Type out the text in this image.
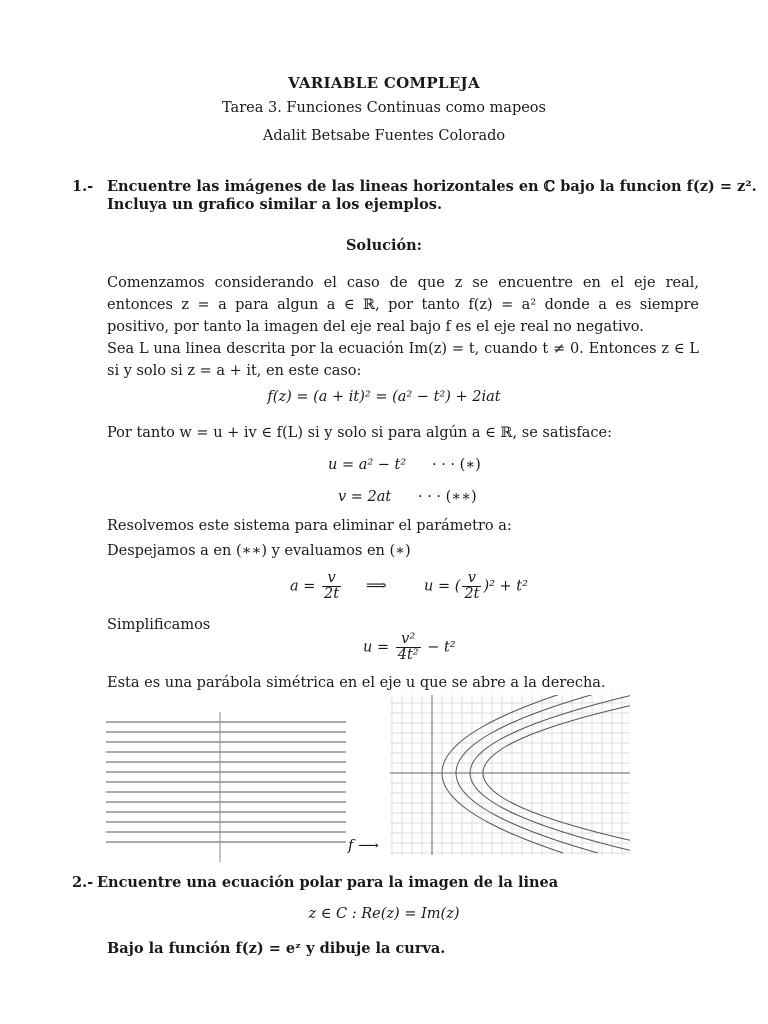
VARIABLE COMPLEJA
Tarea 3. Funciones Continuas como mapeos
Adalit Betsabe Fuentes Colorado
1.- Encuentre las imágenes de las lineas horizontales en ℂ bajo la funcion f(z) = z².
Incluya un grafico similar a los ejemplos.
Solución:
Comenzamos considerando el caso de que z se encuentre en el eje real, entonces z = a para algun a ∈ ℝ, por tanto f(z) = a² donde a es siempre positivo, por tanto la imagen del eje real bajo f es el eje real no negativo.
Sea L una linea descrita por la ecuación Im(z) = t, cuando t ≠ 0. Entonces z ∈ L si y solo si z = a + it, en este caso:
f(z) = (a + it)² = (a² − t²) + 2iat
Por tanto w = u + iv ∈ f(L) si y solo si para algún a ∈ ℝ, se satisface:
u = a² − t² · · · (∗)
v = 2at · · · (∗∗)
Resolvemos este sistema para eliminar el parámetro a:
Despejamos a en (∗∗) y evaluamos en (∗)
$a = \frac{v}{2t}$ ⟹	u = ( $\frac{v}{2t} )^2 + t^2$
Simplificamos
$u = \frac{\text{v²}}{\text{4t²}} - t^2$
Esta es una parábola simétrica en el eje u que se abre a la derecha.
f ⟶
2.- Encuentre una ecuación polar para la imagen de la linea
z ∈ C : Re(z) = Im(z)
Bajo la función f(z) = eᶻ y dibuje la curva.
